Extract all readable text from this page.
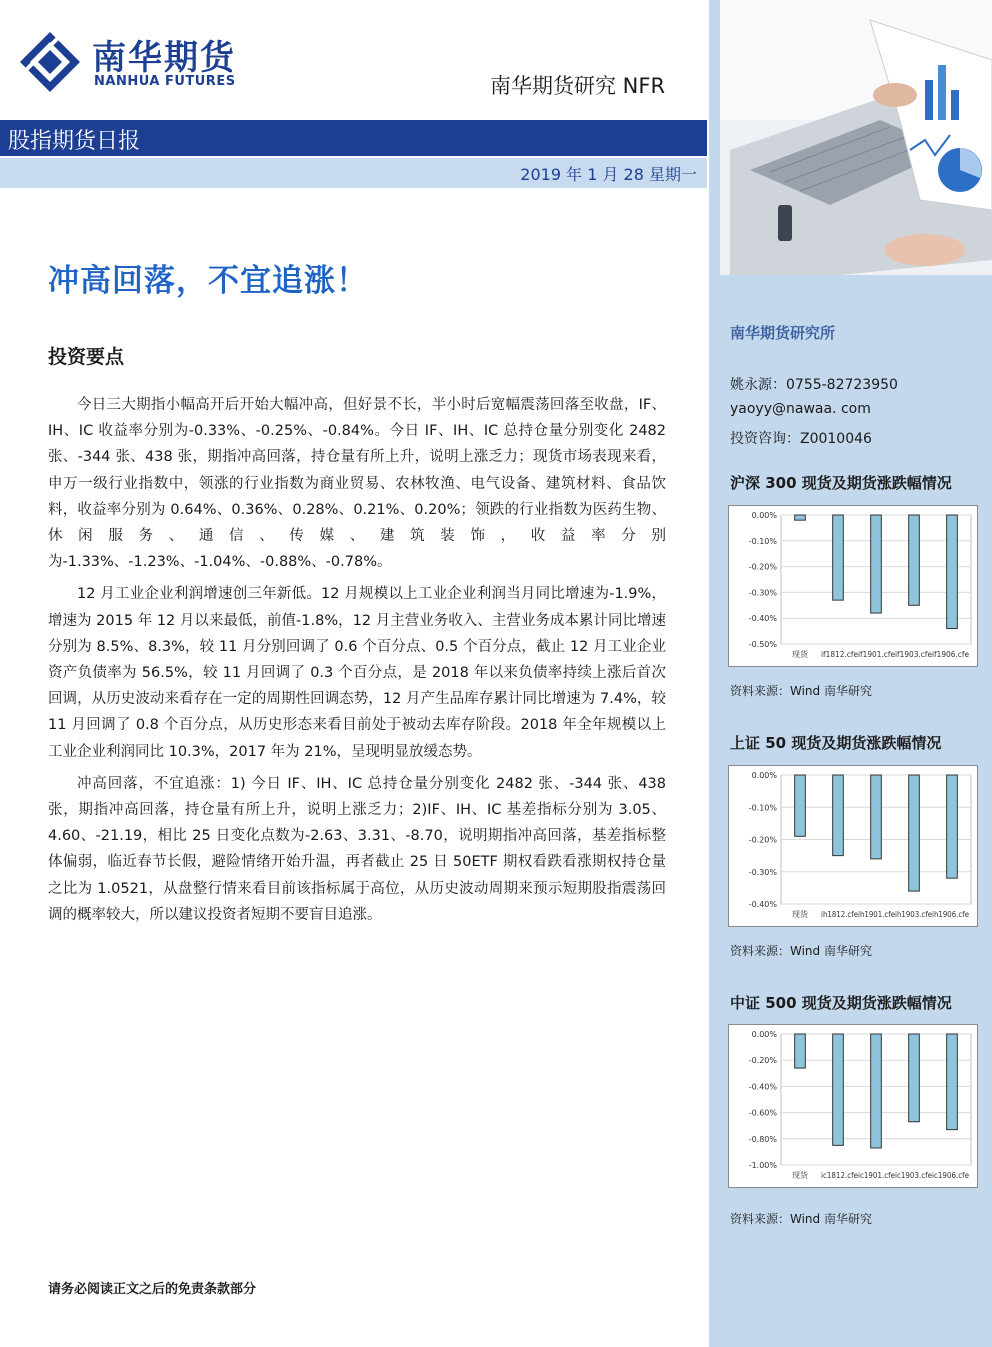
南华期货
NANHUA FUTURES	南华期货研究 NFR
股指期货日报
2019 年 1 月 28 星期一
冲高回落，不宜追涨！
投资要点

今日三大期指小幅高开后开始大幅冲高，但好景不长，半小时后宽幅震荡回落至收盘，IF、IH、IC 收益率分别为-0.33%、-0.25%、-0.84%。今日 IF、IH、IC 总持仓量分别变化 2482 张、-344 张、438 张，期指冲高回落，持仓量有所上升，说明上涨乏力；现货市场表现来看，申万一级行业指数中，领涨的行业指数为商业贸易、农林牧渔、电气设备、建筑材料、食品饮料，收益率分别为 0.64%、0.36%、0.28%、0.21%、0.20%；领跌的行业指数为医药生物、休闲服务、通信、传媒、建筑装饰，收益率分别为-1.33%、-1.23%、-1.04%、-0.88%、-0.78%。

12 月工业企业利润增速创三年新低。12 月规模以上工业企业利润当月同比增速为-1.9%，增速为 2015 年 12 月以来最低，前值-1.8%，12 月主营业务收入、主营业务成本累计同比增速分别为 8.5%、8.3%，较 11 月分别回调了 0.6 个百分点、0.5 个百分点，截止 12 月工业企业资产负债率为 56.5%，较 11 月回调了 0.3 个百分点，是 2018 年以来负债率持续上涨后首次回调，从历史波动来看存在一定的周期性回调态势，12 月产生品库存累计同比增速为 7.4%，较 11 月回调了 0.8 个百分点，从历史形态来看目前处于被动去库存阶段。2018 年全年规模以上工业企业利润同比 10.3%，2017 年为 21%，呈现明显放缓态势。

冲高回落，不宜追涨：1) 今日 IF、IH、IC 总持仓量分别变化 2482 张、-344 张、438 张，期指冲高回落，持仓量有所上升，说明上涨乏力；2)IF、IH、IC 基差指标分别为 3.05、4.60、-21.19，相比 25 日变化点数为-2.63、3.31、-8.70，说明期指冲高回落，基差指标整体偏弱，临近春节长假，避险情绪开始升温，再者截止 25 日 50ETF 期权看跌看涨期权持仓量之比为 1.0521，从盘整行情来看目前该指标属于高位，从历史波动周期来预示短期股指震荡回调的概率较大，所以建议投资者短期不要盲目追涨。

请务必阅读正文之后的免责条款部分
南华期货研究所
姚永源：0755-82723950
yaoyy@nawaa. com
投资咨询：Z0010046
沪深 300 现货及期货涨跌幅情况
0.00%
-0.10%
-0.20%
-0.30%
-0.40%
-0.50%
现货 if1812.cfeif1901.cfeif1903.cfeif1906.cfe
资料来源：Wind 南华研究
上证 50 现货及期货涨跌幅情况
0.00%
-0.10%
-0.20%
-0.30%
-0.40%
现货 ih1812.cfeih1901.cfeih1903.cfeih1906.cfe
资料来源：Wind 南华研究
中证 500 现货及期货涨跌幅情况
0.00%
-0.20%
-0.40%
-0.60%
-0.80%
-1.00%
现货 ic1812.cfeic1901.cfeic1903.cfeic1906.cfe
资料来源：Wind 南华研究
